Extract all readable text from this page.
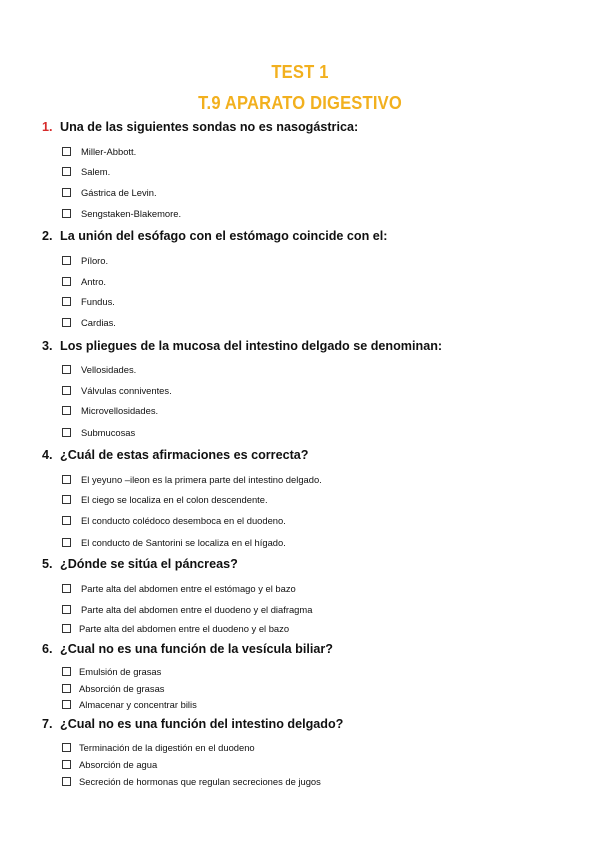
TEST 1
T.9 APARATO DIGESTIVO
1. Una de las siguientes sondas no es nasogástrica:
Miller-Abbott.
Salem.
Gástrica de Levin.
Sengstaken-Blakemore.
2. La unión del esófago con el estómago coincide con el:
Píloro.
Antro.
Fundus.
Cardias.
3. Los pliegues de la mucosa del intestino delgado se denominan:
Vellosidades.
Válvulas conniventes.
Microvellosidades.
Submucosas
4. ¿Cuál de estas afirmaciones es correcta?
El yeyuno –ileon es la primera parte del intestino delgado.
El ciego se localiza en el colon descendente.
El conducto colédoco desemboca en el duodeno.
El conducto de Santorini se localiza en el hígado.
5. ¿Dónde se sitúa el páncreas?
Parte alta del abdomen entre el estómago y el bazo
Parte alta del abdomen entre el duodeno y el diafragma
Parte alta del abdomen entre el duodeno y el bazo
6. ¿Cual no es una función de la vesícula biliar?
Emulsión de grasas
Absorción de grasas
Almacenar y concentrar bilis
7. ¿Cual no es una función del intestino delgado?
Terminación de la digestión en el duodeno
Absorción de agua
Secreción de hormonas que regulan secreciones de jugos
